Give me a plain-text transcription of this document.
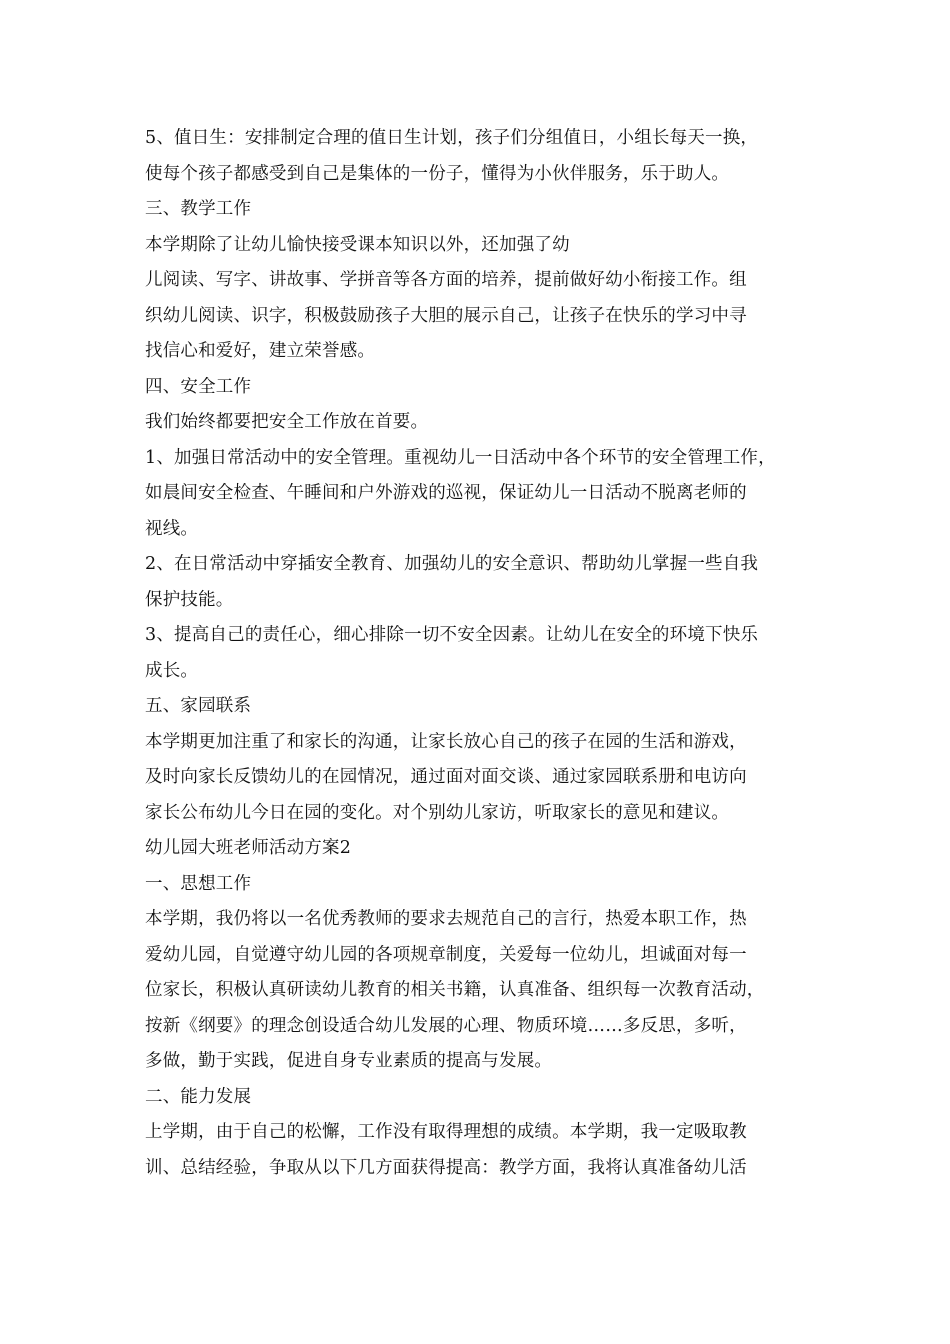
5、值日生：安排制定合理的值日生计划，孩子们分组值日，小组长每天一换，
使每个孩子都感受到自己是集体的一份子，懂得为小伙伴服务，乐于助人。
三、教学工作
本学期除了让幼儿愉快接受课本知识以外，还加强了幼
儿阅读、写字、讲故事、学拼音等各方面的培养，提前做好幼小衔接工作。组
织幼儿阅读、识字，积极鼓励孩子大胆的展示自己，让孩子在快乐的学习中寻
找信心和爱好，建立荣誉感。
四、安全工作
我们始终都要把安全工作放在首要。
1、加强日常活动中的安全管理。重视幼儿一日活动中各个环节的安全管理工作，
如晨间安全检查、午睡间和户外游戏的巡视，保证幼儿一日活动不脱离老师的
视线。
2、在日常活动中穿插安全教育、加强幼儿的安全意识、帮助幼儿掌握一些自我
保护技能。
3、提高自己的责任心，细心排除一切不安全因素。让幼儿在安全的环境下快乐
成长。
五、家园联系
本学期更加注重了和家长的沟通，让家长放心自己的孩子在园的生活和游戏，
及时向家长反馈幼儿的在园情况，通过面对面交谈、通过家园联系册和电访向
家长公布幼儿今日在园的变化。对个别幼儿家访，听取家长的意见和建议。
幼儿园大班老师活动方案2
一、思想工作
本学期，我仍将以一名优秀教师的要求去规范自己的言行，热爱本职工作，热
爱幼儿园，自觉遵守幼儿园的各项规章制度，关爱每一位幼儿，坦诚面对每一
位家长，积极认真研读幼儿教育的相关书籍，认真准备、组织每一次教育活动，
按新《纲要》的理念创设适合幼儿发展的心理、物质环境……多反思，多听，
多做，勤于实践，促进自身专业素质的提高与发展。
二、能力发展
上学期，由于自己的松懈，工作没有取得理想的成绩。本学期，我一定吸取教
训、总结经验，争取从以下几方面获得提高：教学方面，我将认真准备幼儿活
